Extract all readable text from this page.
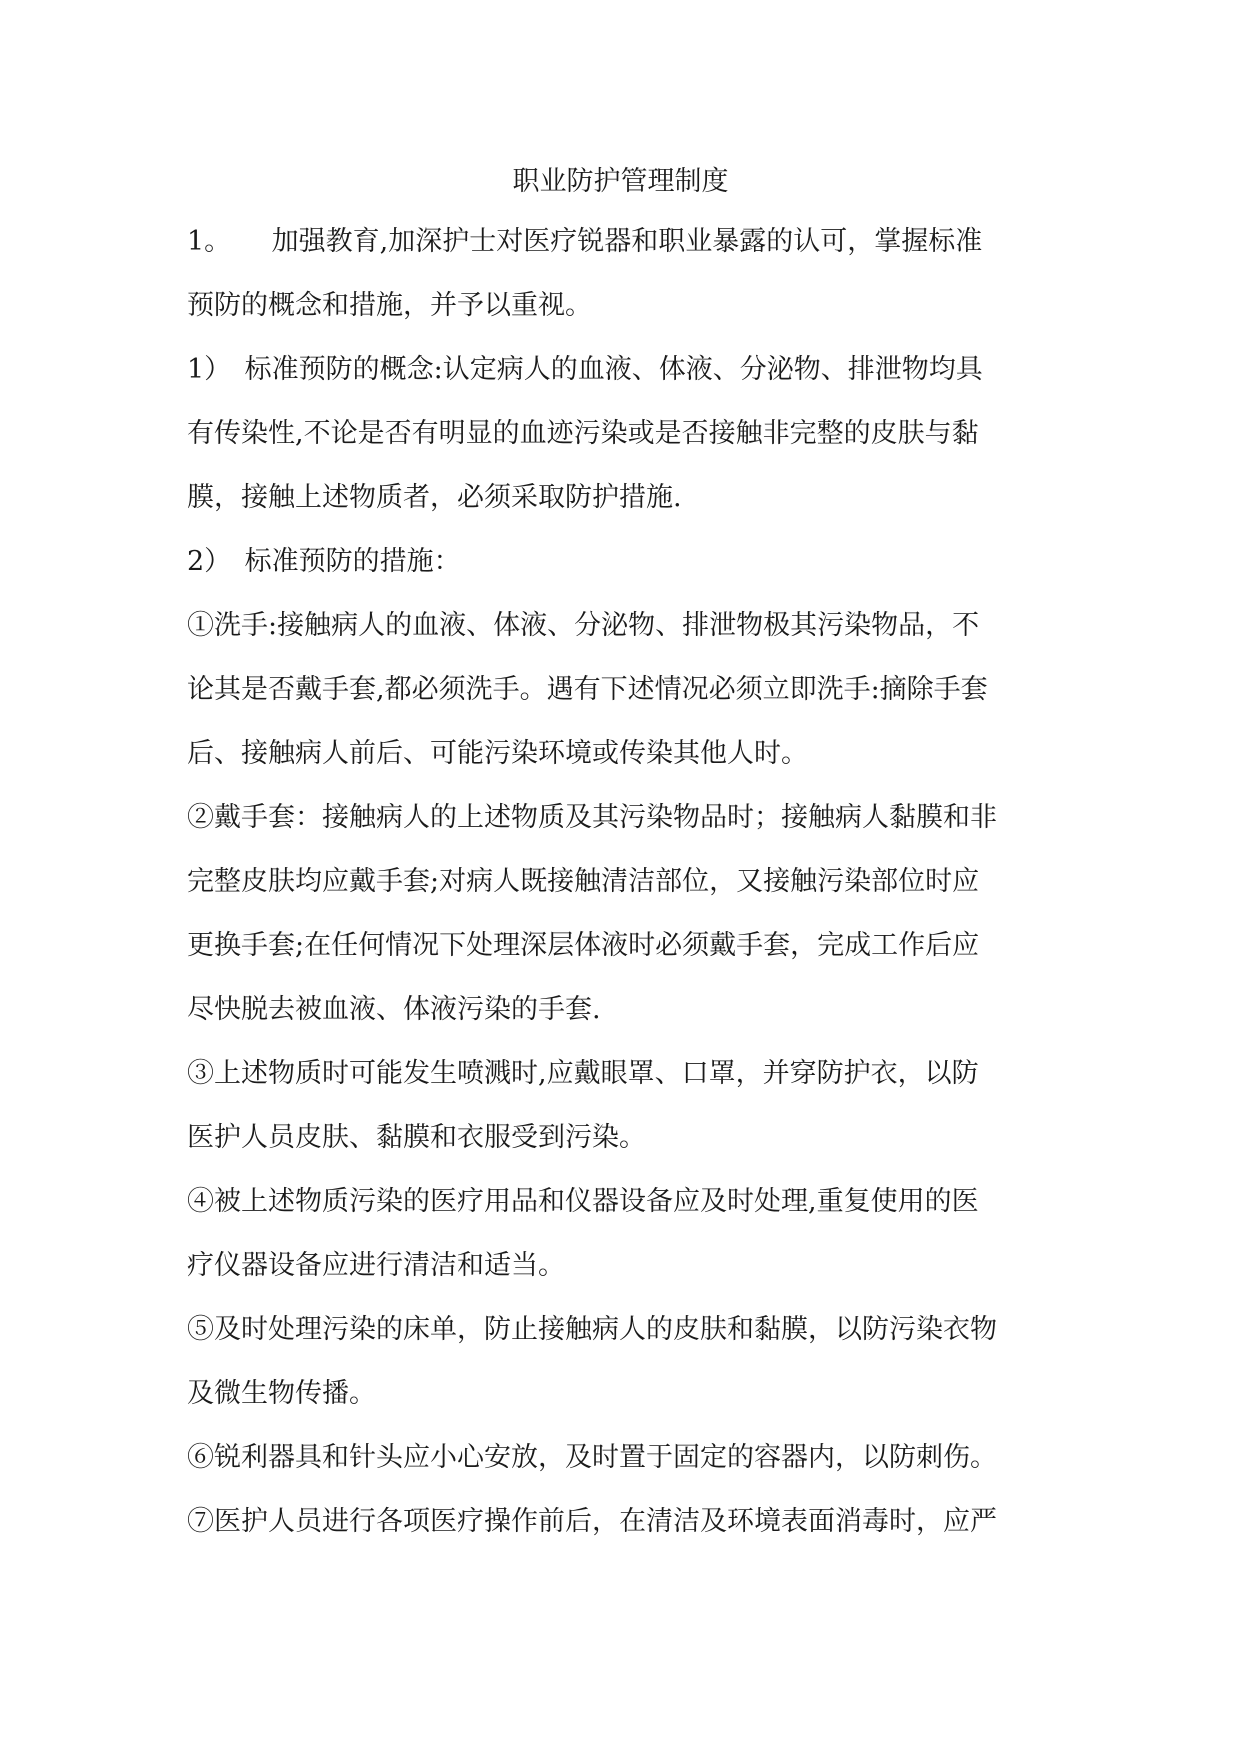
职业防护管理制度
1。　　加强教育,加深护士对医疗锐器和职业暴露的认可，掌握标准
预防的概念和措施，并予以重视。
1）　标准预防的概念:认定病人的血液、体液、分泌物、排泄物均具
有传染性,不论是否有明显的血迹污染或是否接触非完整的皮肤与黏
膜，接触上述物质者，必须采取防护措施.
2）　标准预防的措施：
①洗手:接触病人的血液、体液、分泌物、排泄物极其污染物品，不
论其是否戴手套,都必须洗手。遇有下述情况必须立即洗手:摘除手套
后、接触病人前后、可能污染环境或传染其他人时。
②戴手套：接触病人的上述物质及其污染物品时；接触病人黏膜和非
完整皮肤均应戴手套;对病人既接触清洁部位，又接触污染部位时应
更换手套;在任何情况下处理深层体液时必须戴手套，完成工作后应
尽快脱去被血液、体液污染的手套.
③上述物质时可能发生喷溅时,应戴眼罩、口罩，并穿防护衣，以防
医护人员皮肤、黏膜和衣服受到污染。
④被上述物质污染的医疗用品和仪器设备应及时处理,重复使用的医
疗仪器设备应进行清洁和适当。
⑤及时处理污染的床单，防止接触病人的皮肤和黏膜，以防污染衣物
及微生物传播。
⑥锐利器具和针头应小心安放，及时置于固定的容器内，以防刺伤。
⑦医护人员进行各项医疗操作前后，在清洁及环境表面消毒时，应严
